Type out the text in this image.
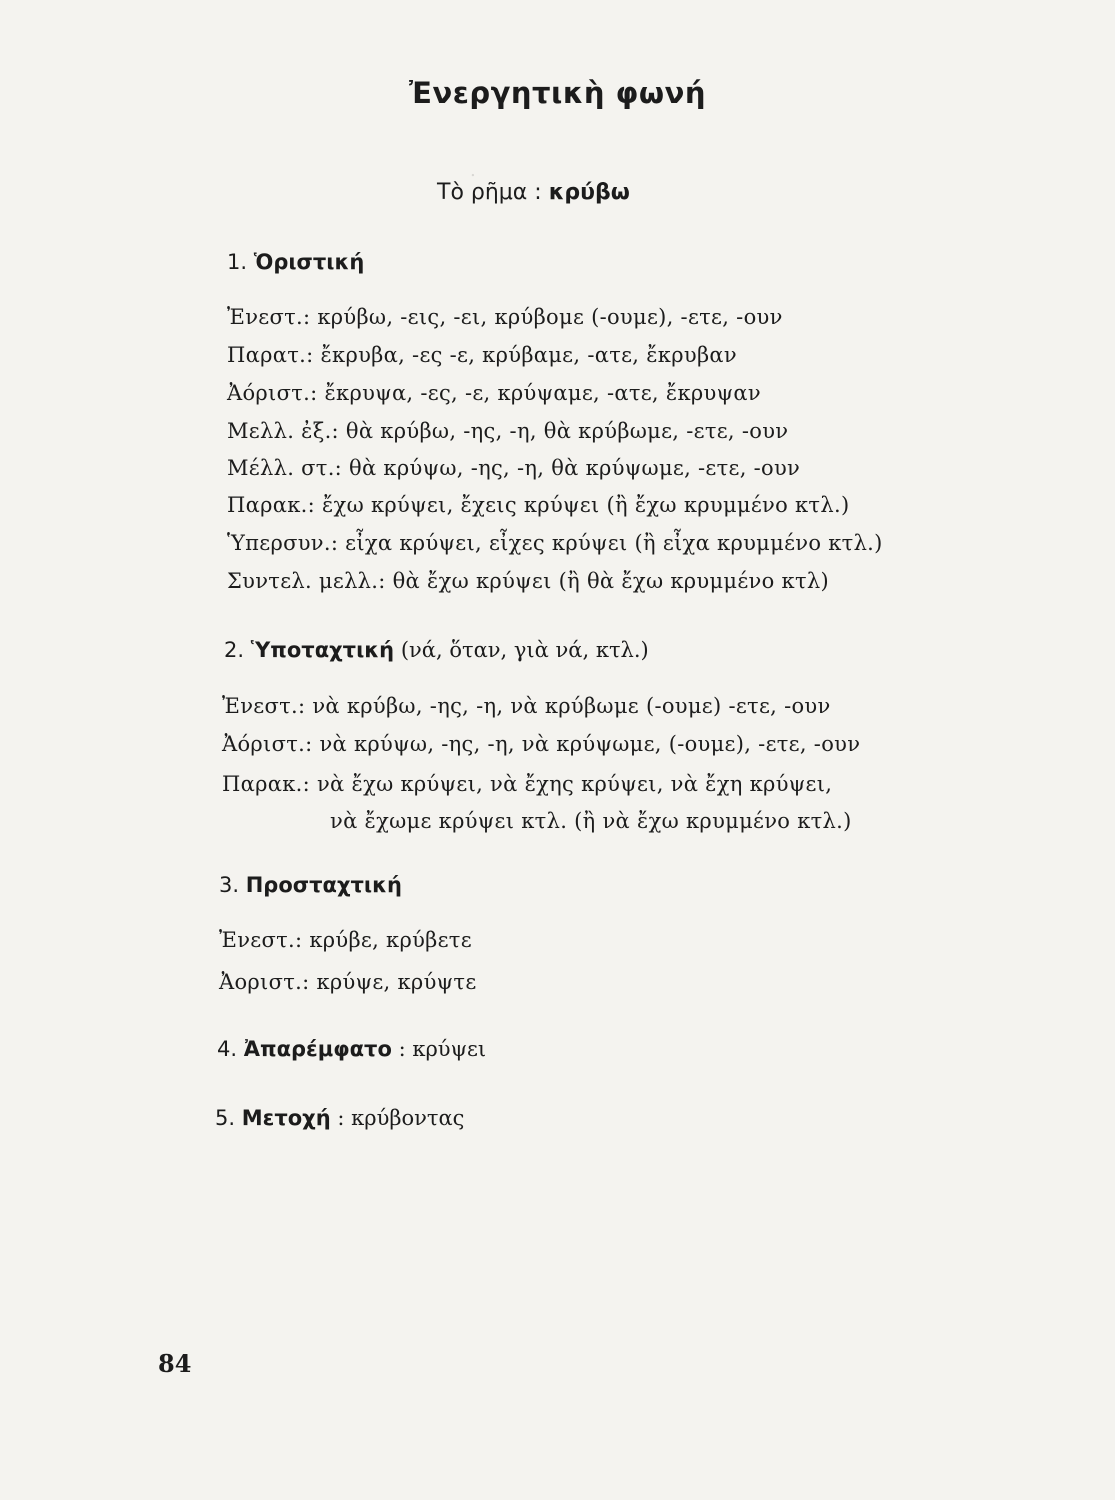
.
Ἐνεργητικὴ φωνή
Τὸ ρῆμα : κρύβω
1. Ὁριστική
Ἐνεστ.: κρύβω, -εις, -ει, κρύβομε (-ουμε), -ετε, -ουν
Παρατ.: ἔκρυβα, -ες -ε, κρύβαμε, -ατε, ἔκρυβαν
Ἀόριστ.: ἔκρυψα, -ες, -ε, κρύψαμε, -ατε, ἔκρυψαν
Μελλ. ἐξ.: θὰ κρύβω, -ης, -η, θὰ κρύβωμε, -ετε, -ουν
Μέλλ. στ.: θὰ κρύψω, -ης, -η, θὰ κρύψωμε, -ετε, -ουν
Παρακ.: ἔχω κρύψει, ἔχεις κρύψει (ἢ ἔχω κρυμμένο κτλ.)
Ὑπερσυν.: εἶχα κρύψει, εἶχες κρύψει (ἢ εἶχα κρυμμένο κτλ.)
Συντελ. μελλ.: θὰ ἔχω κρύψει (ἢ θὰ ἔχω κρυμμένο κτλ)
2. Ὑποταχτική (νά, ὅταν, γιὰ νά, κτλ.)
Ἐνεστ.: νὰ κρύβω, -ης, -η, νὰ κρύβωμε (-ουμε) -ετε, -ουν
Ἀόριστ.: νὰ κρύψω, -ης, -η, νὰ κρύψωμε, (-ουμε), -ετε, -ουν
Παρακ.: νὰ ἔχω κρύψει, νὰ ἔχης κρύψει, νὰ ἔχη κρύψει,
νὰ ἔχωμε κρύψει κτλ. (ἢ νὰ ἔχω κρυμμένο κτλ.)
3. Προσταχτική
Ἐνεστ.: κρύβε, κρύβετε
Ἀοριστ.: κρύψε, κρύψτε
4. Ἀπαρέμφατο : κρύψει
5. Μετοχή : κρύβοντας
84
